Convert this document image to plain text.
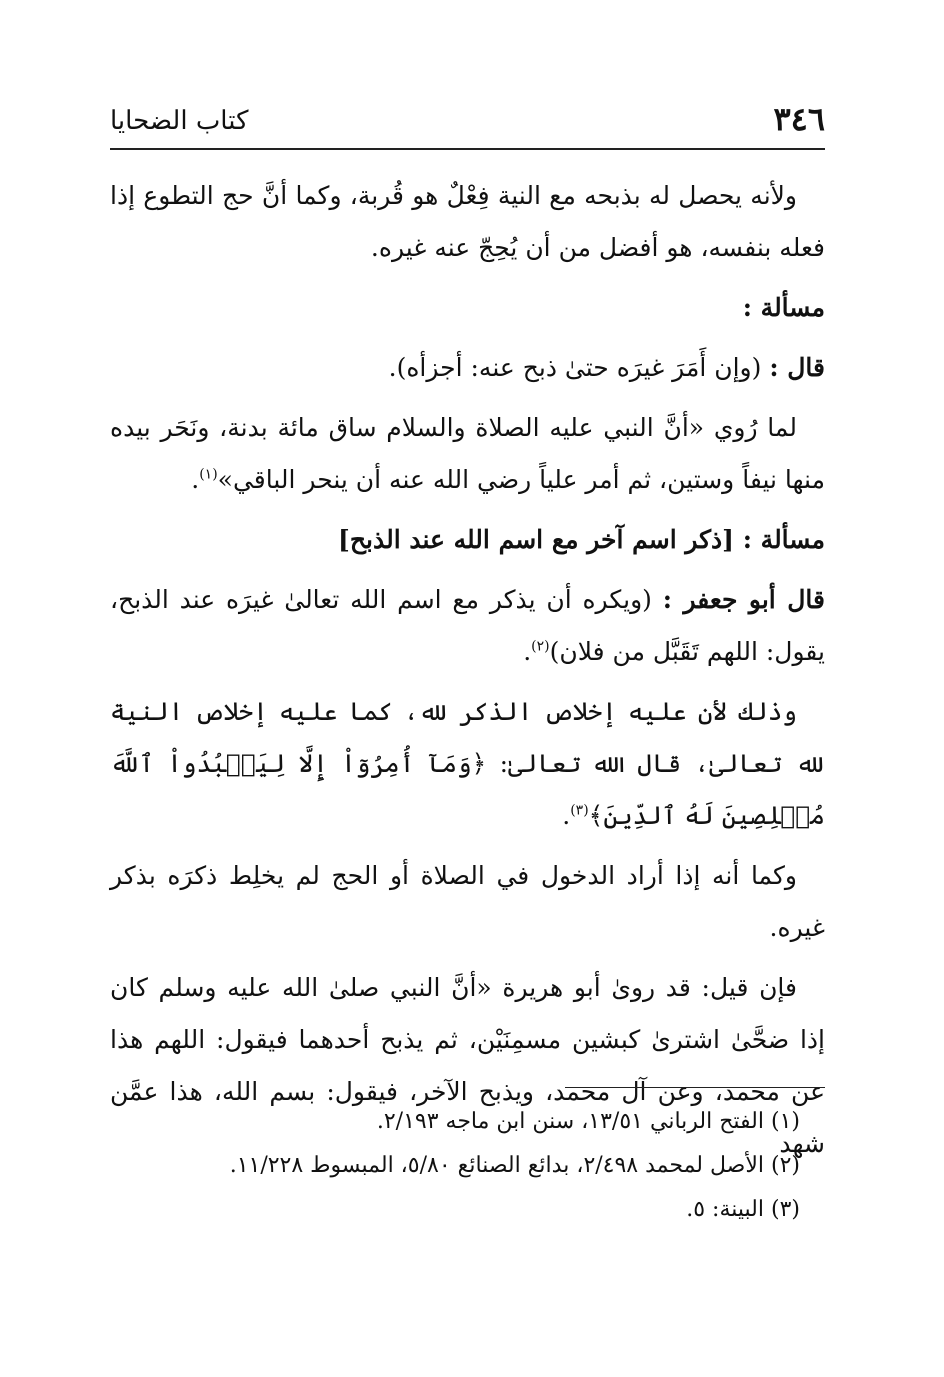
كتاب الضحايا	٣٤٦

ولأنه يحصل له بذبحه مع النية فِعْلٌ هو قُربة، وكما أنَّ حج التطوع إذا فعله بنفسه، هو أفضل من أن يُحِجّ عنه غيره.

مسألة :

قال : (وإن أَمَرَ غيرَه حتىٰ ذبح عنه: أجزأه).

لما رُوي «أنَّ النبي عليه الصلاة والسلام ساق مائة بدنة، ونَحَر بيده منها نيفاً وستين، ثم أمر علياً رضي الله عنه أن ينحر الباقي»$^{(١)}$.

مسألة : [ذكر اسم آخر مع اسم الله عند الذبح]

قال أبو جعفر : (ويكره أن يذكر مع اسم الله تعالىٰ غيرَه عند الذبح، يقول: اللهم تَقَبَّل من فلان)$^{(٢)}$.

وذلك لأن عليه إخلاص الذكر لله، كما عليه إخلاص النية لله تعالىٰ، قال الله تعالىٰ: ﴿وَمَآ أُمِرُوٓاْ إِلَّا لِيَعۡبُدُواْ ٱللَّهَ مُخۡلِصِينَ لَهُ ٱلدِّينَ﴾$^{(٣)}$.

وكما أنه إذا أراد الدخول في الصلاة أو الحج لم يخلِط ذكرَه بذكر غيره.

فإن قيل: قد روىٰ أبو هريرة «أنَّ النبي صلىٰ الله عليه وسلم كان إذا ضحَّىٰ اشترىٰ كبشين مسمِنَيْن، ثم يذبح أحدهما فيقول: اللهم هذا عن محمد، وعن آل محمد، ويذبح الآخر، فيقول: بسم الله، هذا عمَّن شهد

(١) الفتح الرباني ١٣/٥١، سنن ابن ماجه ٢/١٩٣.

(٢) الأصل لمحمد ٢/٤٩٨، بدائع الصنائع ٥/٨٠، المبسوط ١١/٢٢٨.

(٣) البينة: ٥.
